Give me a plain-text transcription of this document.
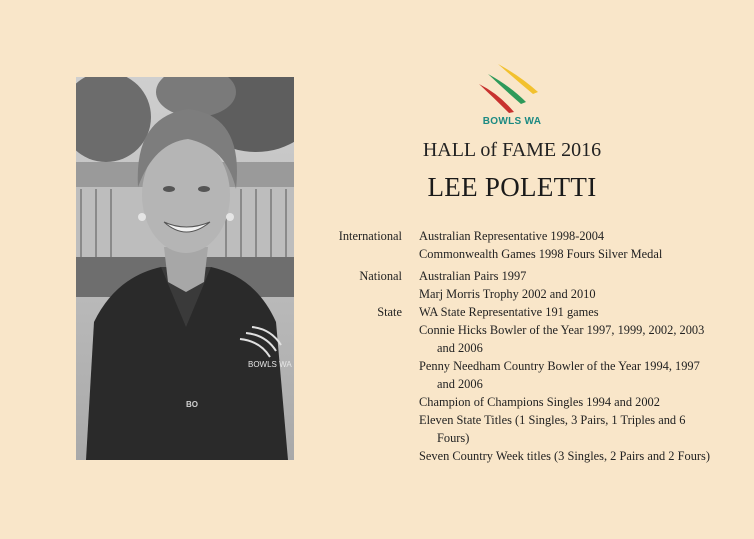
BOWLS WA
BO
BOWLS WA
HALL of FAME 2016
LEE POLETTI
International Australian Representative 1998-2004
Commonwealth Games 1998 Fours Silver Medal
National Australian Pairs 1997
Marj Morris Trophy 2002 and 2010
State WA State Representative 191 games
Connie Hicks Bowler of the Year 1997, 1999, 2002, 2003 and 2006
Penny Needham Country Bowler of the Year 1994, 1997 and 2006
Champion of Champions Singles 1994 and 2002
Eleven State Titles (1 Singles, 3 Pairs, 1 Triples and 6 Fours)
Seven Country Week titles (3 Singles, 2 Pairs and 2 Fours)
